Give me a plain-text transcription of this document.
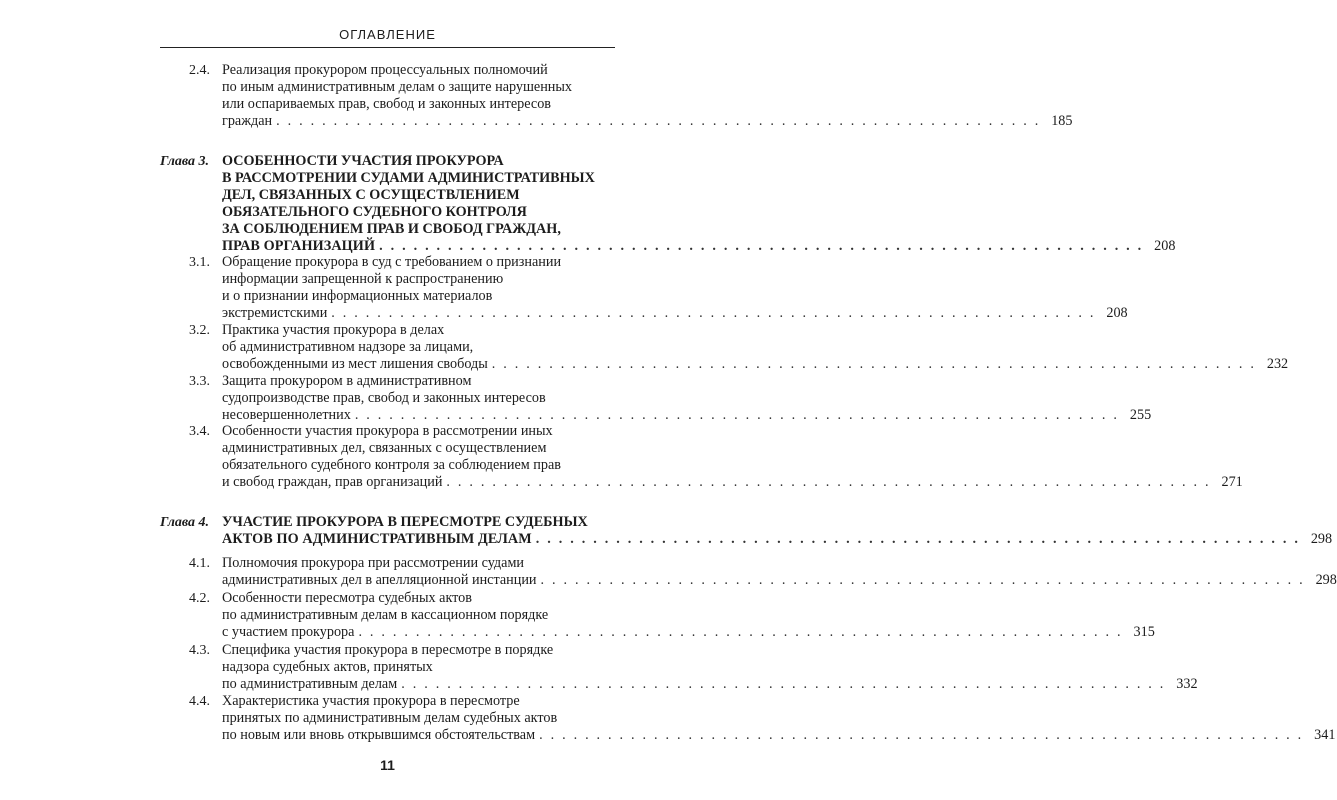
ОГЛАВЛЕНИЕ
2.4. Реализация прокурором процессуальных полномочий
по иным административным делам о защите нарушенных
или оспариваемых прав, свобод и законных интересов
граждан . . . . . . . . . . . . . . . . . . . . . . . . . . . . . . . . . . . . . . . . . . . . . . . . . . . . . . . . . . . . . . . . . . . 185
Глава 3. ОСОБЕННОСТИ УЧАСТИЯ ПРОКУРОРА
В РАССМОТРЕНИИ СУДАМИ АДМИНИСТРАТИВНЫХ
ДЕЛ, СВЯЗАННЫХ С ОСУЩЕСТВЛЕНИЕМ
ОБЯЗАТЕЛЬНОГО СУДЕБНОГО КОНТРОЛЯ
ЗА СОБЛЮДЕНИЕМ ПРАВ И СВОБОД ГРАЖДАН,
ПРАВ ОРГАНИЗАЦИЙ . . . . . . . . . . . . . . . . . . . . . . . . . . . . . . . . . . . . . . . . . . . . . . . . . . . . . . . . . . . . . . . . . . . 208
3.1. Обращение прокурора в суд с требованием о признании
информации запрещенной к распространению
и о признании информационных материалов
экстремистскими . . . . . . . . . . . . . . . . . . . . . . . . . . . . . . . . . . . . . . . . . . . . . . . . . . . . . . . . . . . . . . . . . . . 208
3.2. Практика участия прокурора в делах
об административном надзоре за лицами,
освобожденными из мест лишения свободы . . . . . . . . . . . . . . . . . . . . . . . . . . . . . . . . . . . . . . . . . . . . . . . . . . . . . . . . . . . . . . . . . . . 232
3.3. Защита прокурором в административном
судопроизводстве прав, свобод и законных интересов
несовершеннолетних . . . . . . . . . . . . . . . . . . . . . . . . . . . . . . . . . . . . . . . . . . . . . . . . . . . . . . . . . . . . . . . . . . . 255
3.4. Особенности участия прокурора в рассмотрении иных
административных дел, связанных с осуществлением
обязательного судебного контроля за соблюдением прав
и свобод граждан, прав организаций . . . . . . . . . . . . . . . . . . . . . . . . . . . . . . . . . . . . . . . . . . . . . . . . . . . . . . . . . . . . . . . . . . . 271
Глава 4. УЧАСТИЕ ПРОКУРОРА В ПЕРЕСМОТРЕ СУДЕБНЫХ
АКТОВ ПО АДМИНИСТРАТИВНЫМ ДЕЛАМ . . . . . . . . . . . . . . . . . . . . . . . . . . . . . . . . . . . . . . . . . . . . . . . . . . . . . . . . . . . . . . . . . . . 298
4.1. Полномочия прокурора при рассмотрении судами
административных дел в апелляционной инстанции . . . . . . . . . . . . . . . . . . . . . . . . . . . . . . . . . . . . . . . . . . . . . . . . . . . . . . . . . . . . . . . . . . . 298
4.2. Особенности пересмотра судебных актов
по административным делам в кассационном порядке
с участием прокурора . . . . . . . . . . . . . . . . . . . . . . . . . . . . . . . . . . . . . . . . . . . . . . . . . . . . . . . . . . . . . . . . . . . 315
4.3. Специфика участия прокурора в пересмотре в порядке
надзора судебных актов, принятых
по административным делам . . . . . . . . . . . . . . . . . . . . . . . . . . . . . . . . . . . . . . . . . . . . . . . . . . . . . . . . . . . . . . . . . . . 332
4.4. Характеристика участия прокурора в пересмотре
принятых по административным делам судебных актов
по новым или вновь открывшимся обстоятельствам . . . . . . . . . . . . . . . . . . . . . . . . . . . . . . . . . . . . . . . . . . . . . . . . . . . . . . . . . . . . . . . . . . . 341
11
